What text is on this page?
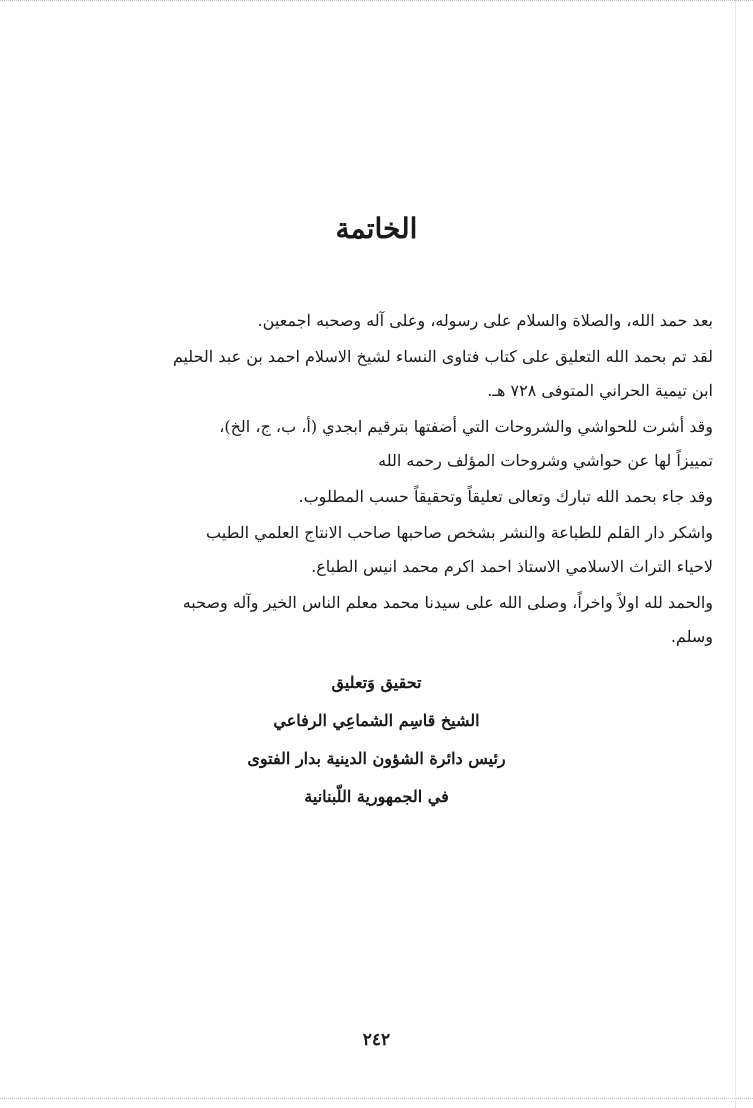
الخاتمة

بعد حمد الله، والصلاة والسلام على رسوله، وعلى آله وصحبه اجمعين.

لقد تم بحمد الله التعليق على كتاب فتاوى النساء لشيخ الاسلام احمد بن عبد الحليم
ابن تيمية الحراني المتوفى ٧٢٨ هـ.

وقد أشرت للحواشي والشروحات التي أضفتها بترقيم ابجدي (أ، ب، ج، الخ)،
تمييزاً لها عن حواشي وشروحات المؤلف رحمه الله

وقد جاء بحمد الله تبارك وتعالى تعليقاً وتحقيقاً حسب المطلوب.

واشكر دار القلم للطباعة والنشر بشخص صاحبها صاحب الانتاج العلمي الطيب
لاحياء التراث الاسلامي الاستاذ احمد اكرم محمد انيس الطباع.

والحمد لله اولاً واخراً، وصلى الله على سيدنا محمد معلم الناس الخير وآله وصحبه
وسلم.

تحقيق وَتعليق
الشيخ قاسِم الشماعِي الرفاعي
رئيس دائرة الشؤون الدينية بدار الفتوى
في الجمهورية اللّبنانية
٢٤٢
